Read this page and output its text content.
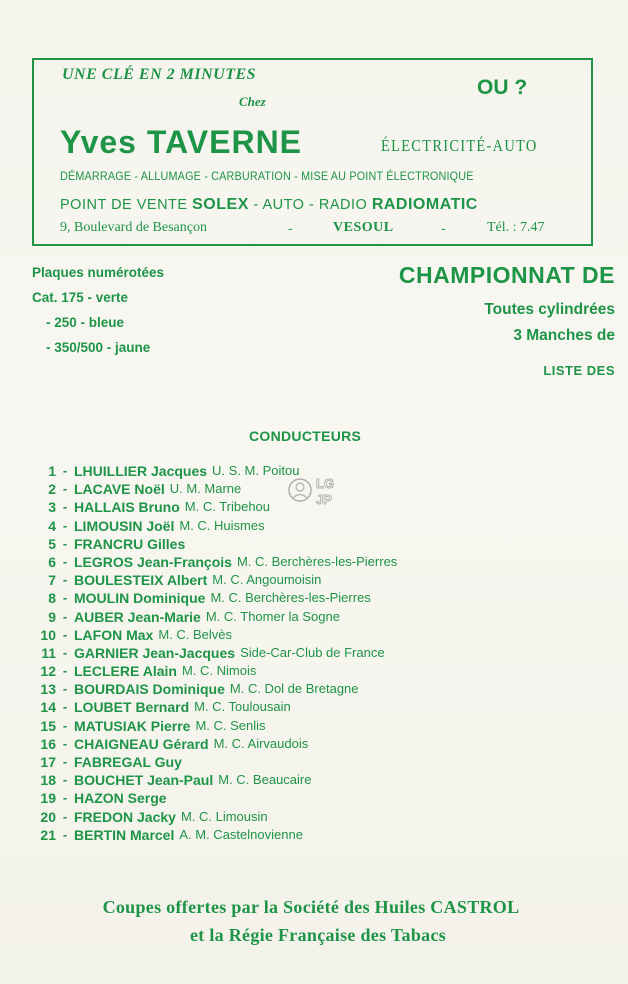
UNE CLÉ EN 2 MINUTES
Chez
OU ?
Yves TAVERNE	ÉLECTRICITÉ-AUTO
DÉMARRAGE - ALLUMAGE - CARBURATION - MISE AU POINT ÉLECTRONIQUE
POINT DE VENTE SOLEX - AUTO - RADIO RADIOMATIC
9, Boulevard de Besançon	-	VESOUL	-	Tél. : 7.47
Plaques numérotées
Cat. 175 - verte
- 250 - bleue
- 350/500 - jaune
CHAMPIONNAT DE
Toutes cylindrées
3 Manches de
LISTE DES
CONDUCTEURS
1 - LHUILLIER Jacques U. S. M. Poitou
2 - LACAVE Noël U. M. Marne
3 - HALLAIS Bruno M. C. Tribehou
4 - LIMOUSIN Joël M. C. Huismes
5 - FRANCRU Gilles
6 - LEGROS Jean-François M. C. Berchères-les-Pierres
7 - BOULESTEIX Albert M. C. Angoumoisin
8 - MOULIN Dominique M. C. Berchères-les-Pierres
9 - AUBER Jean-Marie M. C. Thomer la Sogne
10 - LAFON Max M. C. Belvès
11 - GARNIER Jean-Jacques Side-Car-Club de France
12 - LECLERE Alain M. C. Nimois
13 - BOURDAIS Dominique M. C. Dol de Bretagne
14 - LOUBET Bernard M. C. Toulousain
15 - MATUSIAK Pierre M. C. Senlis
16 - CHAIGNEAU Gérard M. C. Airvaudois
17 - FABREGAL Guy
18 - BOUCHET Jean-Paul M. C. Beaucaire
19 - HAZON Serge
20 - FREDON Jacky M. C. Limousin
21 - BERTIN Marcel A. M. Castelnovienne
LG
JP
Coupes offertes par la Société des Huiles CASTROL
et la Régie Française des Tabacs
